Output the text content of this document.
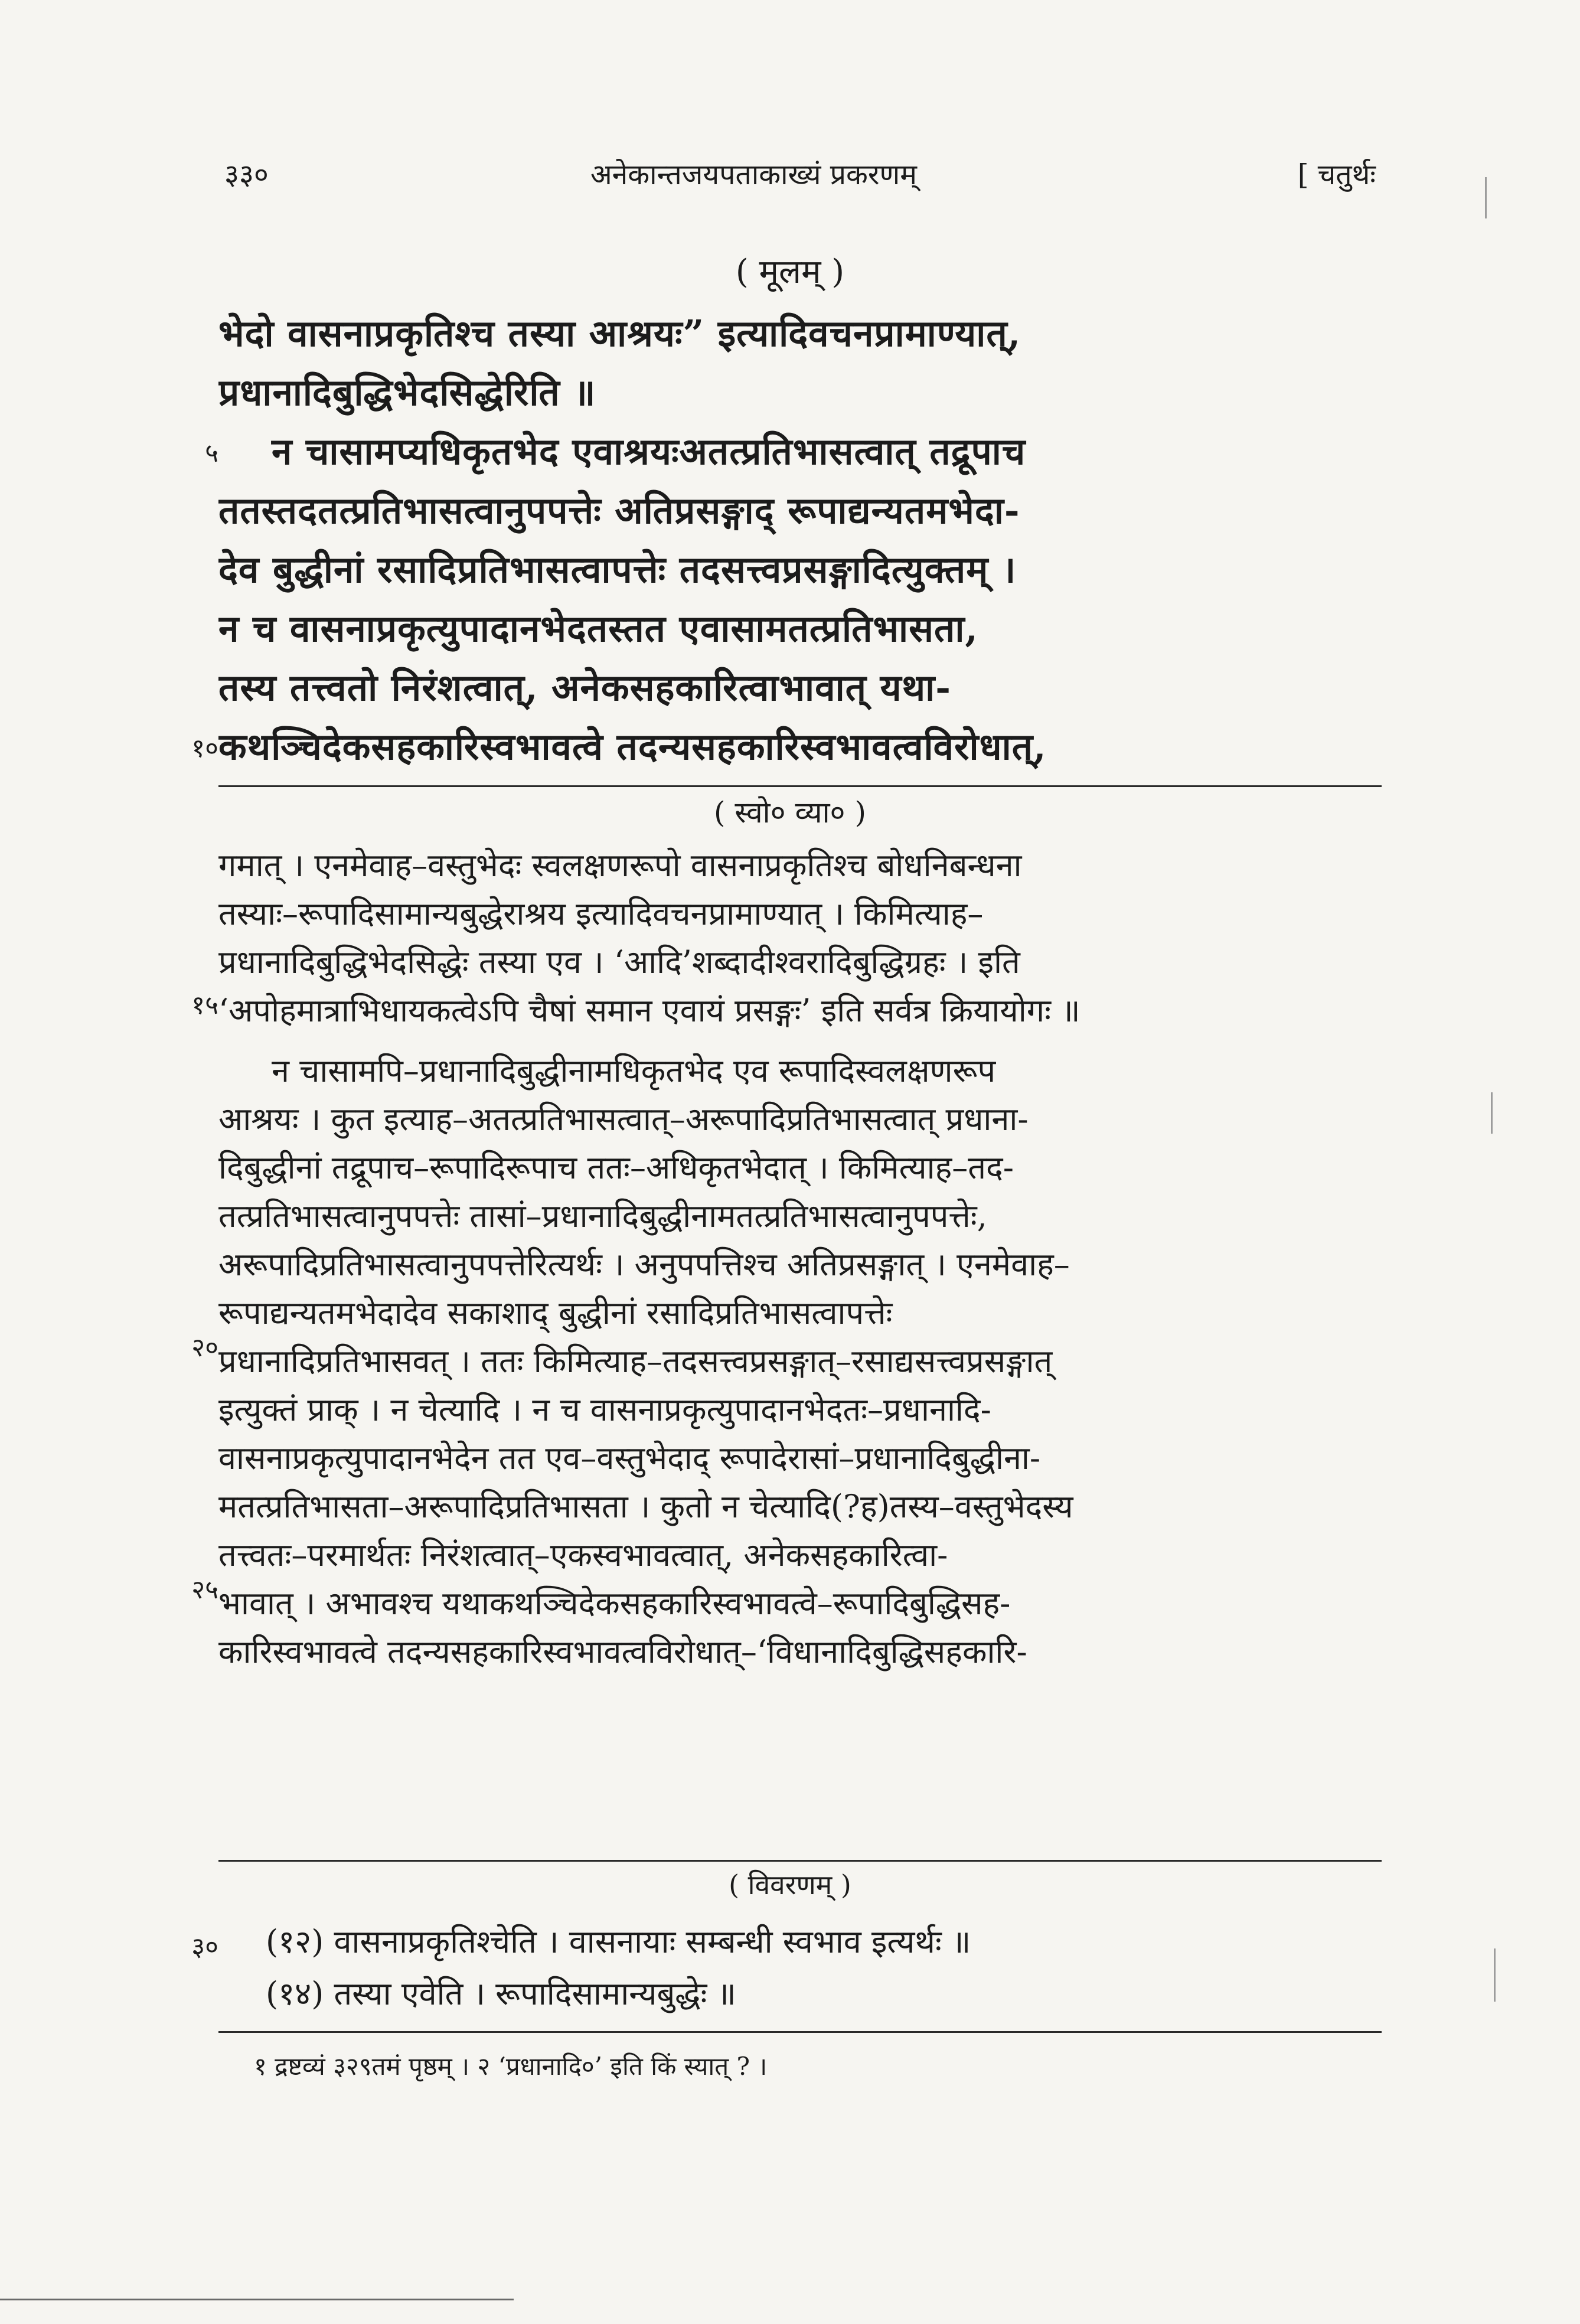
३३०	अनेकान्तजयपताकाख्यं प्रकरणम्	[ चतुर्थः
( मूलम् )
भेदो वासनाप्रकृतिश्च तस्या आश्रयः” इत्यादिवचनप्रामाण्यात्,
प्रधानादिबुद्धिभेदसिद्धेरिति ॥
न चासामप्यधिकृतभेद एवाश्रयःअतत्प्रतिभासत्वात् तद्रूपाच
ततस्तदतत्प्रतिभासत्वानुपपत्तेः अतिप्रसङ्गाद् रूपाद्यन्यतमभेदा-
देव बुद्धीनां रसादिप्रतिभासत्वापत्तेः तदसत्त्वप्रसङ्गादित्युक्तम् ।
न च वासनाप्रकृत्युपादानभेदतस्तत एवासामतत्प्रतिभासता,
तस्य तत्त्वतो निरंशत्वात्, अनेकसहकारित्वाभावात् यथा-
कथञ्चिदेकसहकारिस्वभावत्वे तदन्यसहकारिस्वभावत्वविरोधात्,
५
१०
( स्वो० व्या० )
गमात् । एनमेवाह–वस्तुभेदः स्वलक्षणरूपो वासनाप्रकृतिश्च बोधनिबन्धना
तस्याः–रूपादिसामान्यबुद्धेराश्रय इत्यादिवचनप्रामाण्यात् । किमित्याह–
प्रधानादिबुद्धिभेदसिद्धेः तस्या एव । ‘आदि’शब्दादीश्वरादिबुद्धिग्रहः । इति
‘अपोहमात्राभिधायकत्वेऽपि चैषां समान एवायं प्रसङ्गः’ इति सर्वत्र क्रियायोगः ॥
न चासामपि–प्रधानादिबुद्धीनामधिकृतभेद एव रूपादिस्वलक्षणरूप
आश्रयः । कुत इत्याह–अतत्प्रतिभासत्वात्–अरूपादिप्रतिभासत्वात् प्रधाना-
दिबुद्धीनां तद्रूपाच–रूपादिरूपाच ततः–अधिकृतभेदात् । किमित्याह–तद-
तत्प्रतिभासत्वानुपपत्तेः तासां–प्रधानादिबुद्धीनामतत्प्रतिभासत्वानुपपत्तेः,
अरूपादिप्रतिभासत्वानुपपत्तेरित्यर्थः । अनुपपत्तिश्च अतिप्रसङ्गात् । एनमेवाह–
रूपाद्यन्यतमभेदादेव सकाशाद् बुद्धीनां रसादिप्रतिभासत्वापत्तेः
प्रधानादिप्रतिभासवत् । ततः किमित्याह–तदसत्त्वप्रसङ्गात्–रसाद्यसत्त्वप्रसङ्गात्
इत्युक्तं प्राक् । न चेत्यादि । न च वासनाप्रकृत्युपादानभेदतः–प्रधानादि-
वासनाप्रकृत्युपादानभेदेन तत एव–वस्तुभेदाद् रूपादेरासां–प्रधानादिबुद्धीना-
मतत्प्रतिभासता–अरूपादिप्रतिभासता । कुतो न चेत्यादि(?ह)तस्य–वस्तुभेदस्य
तत्त्वतः–परमार्थतः निरंशत्वात्–एकस्वभावत्वात्, अनेकसहकारित्वा-
भावात् । अभावश्च यथाकथञ्चिदेकसहकारिस्वभावत्वे–रूपादिबुद्धिसह-
कारिस्वभावत्वे तदन्यसहकारिस्वभावत्वविरोधात्–‘विधानादिबुद्धिसहकारि-
१५
२०
२५
( विवरणम् )
(१२) वासनाप्रकृतिश्चेति । वासनायाः सम्बन्धी स्वभाव इत्यर्थः ॥
(१४) तस्या एवेति । रूपादिसामान्यबुद्धेः ॥
३०
१ द्रष्टव्यं ३२९तमं पृष्ठम् । २ ‘प्रधानादि०’ इति किं स्यात् ? ।
